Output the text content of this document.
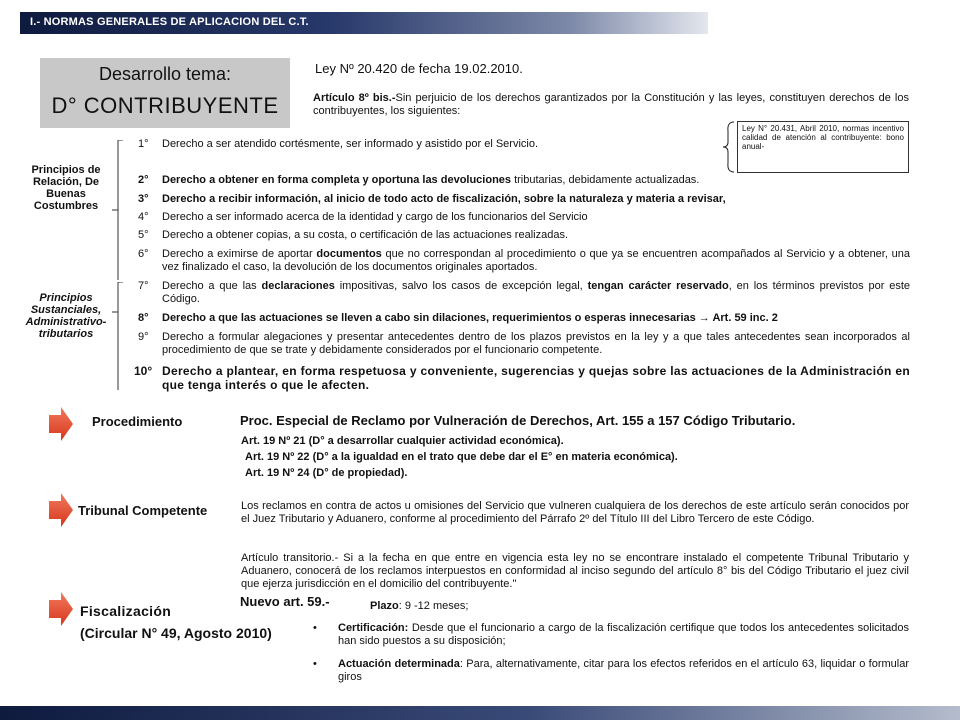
I.- NORMAS GENERALES DE APLICACION DEL C.T.
Desarrollo tema:
D° CONTRIBUYENTE
Ley Nº 20.420 de fecha 19.02.2010.
Artículo 8º bis.-Sin perjuicio de los derechos garantizados por la Constitución y las leyes, constituyen derechos de los contribuyentes, los siguientes:
Ley N° 20.431, Abril 2010, normas incentivo calidad de atención al contribuyente: bono anual-
Principios de Relación, De Buenas Costumbres
Principios Sustanciales, Administrativo-tributarios
1° Derecho a ser atendido cortésmente, ser informado y asistido por el Servicio.
2° Derecho a obtener en forma completa y oportuna las devoluciones tributarias, debidamente actualizadas.
3° Derecho a recibir información, al inicio de todo acto de fiscalización, sobre la naturaleza y materia a revisar,
4° Derecho a ser informado acerca de la identidad y cargo de los funcionarios del Servicio
5° Derecho a obtener copias, a su costa, o certificación de las actuaciones realizadas.
6° Derecho a eximirse de aportar documentos que no correspondan al procedimiento o que ya se encuentren acompañados al Servicio y a obtener, una vez finalizado el caso, la devolución de los documentos originales aportados.
7° Derecho a que las declaraciones impositivas, salvo los casos de excepción legal, tengan carácter reservado, en los términos previstos por este Código.
8° Derecho a que las actuaciones se lleven a cabo sin dilaciones, requerimientos o esperas innecesarias → Art. 59 inc. 2
9° Derecho a formular alegaciones y presentar antecedentes dentro de los plazos previstos en la ley y a que tales antecedentes sean incorporados al procedimiento de que se trate y debidamente considerados por el funcionario competente.
10° Derecho a plantear, en forma respetuosa y conveniente, sugerencias y quejas sobre las actuaciones de la Administración en que tenga interés o que le afecten.
Procedimiento	Proc. Especial de Reclamo por Vulneración de Derechos, Art. 155 a 157 Código Tributario.
Art. 19 Nº 21 (D° a desarrollar cualquier actividad económica).
Art. 19 Nº 22 (D° a la igualdad en el trato que debe dar el E° en materia económica).
Art. 19 Nº 24 (D° de propiedad).
Tribunal Competente	Los reclamos en contra de actos u omisiones del Servicio que vulneren cualquiera de los derechos de este artículo serán conocidos por el Juez Tributario y Aduanero, conforme al procedimiento del Párrafo 2º del Título III del Libro Tercero de este Código.
Artículo transitorio.- Si a la fecha en que entre en vigencia esta ley no se encontrare instalado el competente Tribunal Tributario y Aduanero, conocerá de los reclamos interpuestos en conformidad al inciso segundo del artículo 8° bis del Código Tributario el juez civil que ejerza jurisdicción en el domicilio del contribuyente."
Fiscalización
(Circular N° 49, Agosto 2010)
Nuevo art. 59.-	Plazo: 9 -12 meses;
• Certificación: Desde que el funcionario a cargo de la fiscalización certifique que todos los antecedentes solicitados han sido puestos a su disposición;
• Actuación determinada: Para, alternativamente, citar para los efectos referidos en el artículo 63, liquidar o formular giros
